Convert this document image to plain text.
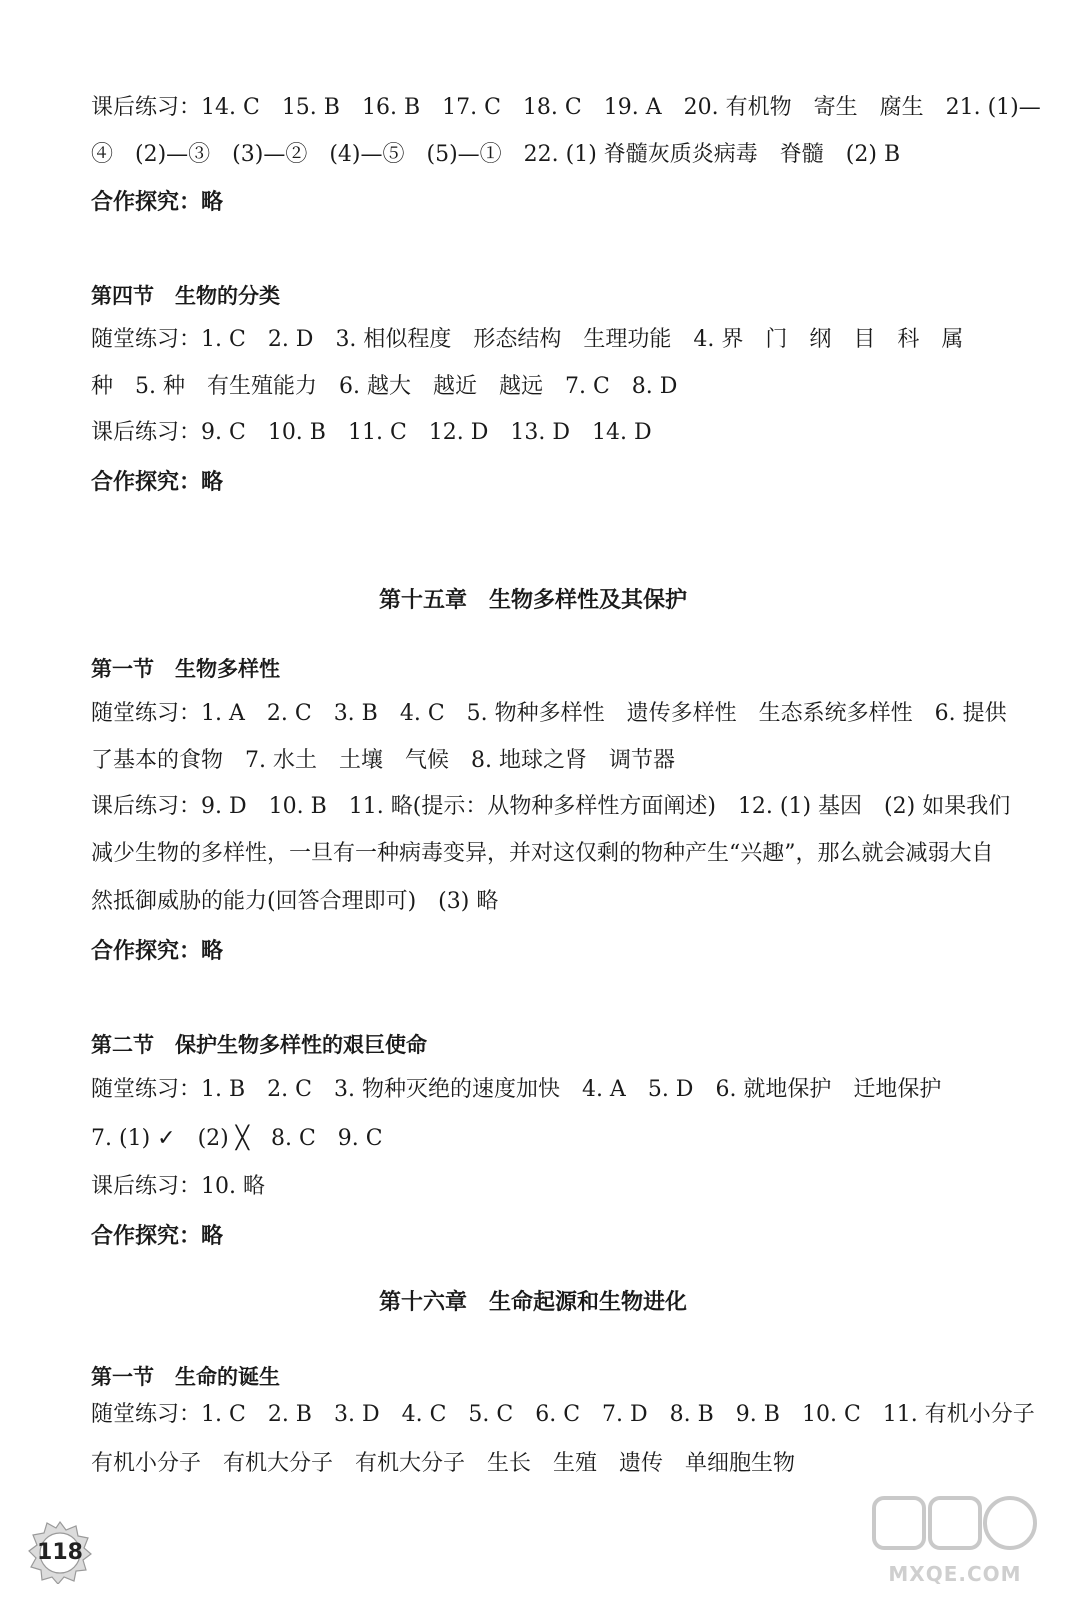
课后练习：14. C　15. B　16. B　17. C　18. C　19. A　20. 有机物　寄生　腐生　21. (1)—
④　(2)—③　(3)—②　(4)—⑤　(5)—①　22. (1) 脊髓灰质炎病毒　脊髓　(2) B
合作探究：略
第四节　生物的分类
随堂练习：1. C　2. D　3. 相似程度　形态结构　生理功能　4. 界　门　纲　目　科　属
种　5. 种　有生殖能力　6. 越大　越近　越远　7. C　8. D
课后练习：9. C　10. B　11. C　12. D　13. D　14. D
合作探究：略
第十五章　生物多样性及其保护
第一节　生物多样性
随堂练习：1. A　2. C　3. B　4. C　5. 物种多样性　遗传多样性　生态系统多样性　6. 提供
了基本的食物　7. 水土　土壤　气候　8. 地球之肾　调节器
课后练习：9. D　10. B　11. 略(提示：从物种多样性方面阐述)　12. (1) 基因　(2) 如果我们
减少生物的多样性，一旦有一种病毒变异，并对这仅剩的物种产生“兴趣”，那么就会减弱大自
然抵御威胁的能力(回答合理即可)　(3) 略
合作探究：略
第二节　保护生物多样性的艰巨使命
随堂练习：1. B　2. C　3. 物种灭绝的速度加快　4. A　5. D　6. 就地保护　迁地保护
7. (1) ✓　(2) ╳　8. C　9. C
课后练习：10. 略
合作探究：略
第十六章　生命起源和生物进化
第一节　生命的诞生
随堂练习：1. C　2. B　3. D　4. C　5. C　6. C　7. D　8. B　9. B　10. C　11. 有机小分子
有机小分子　有机大分子　有机大分子　生长　生殖　遗传　单细胞生物
118
MXQE.COM
